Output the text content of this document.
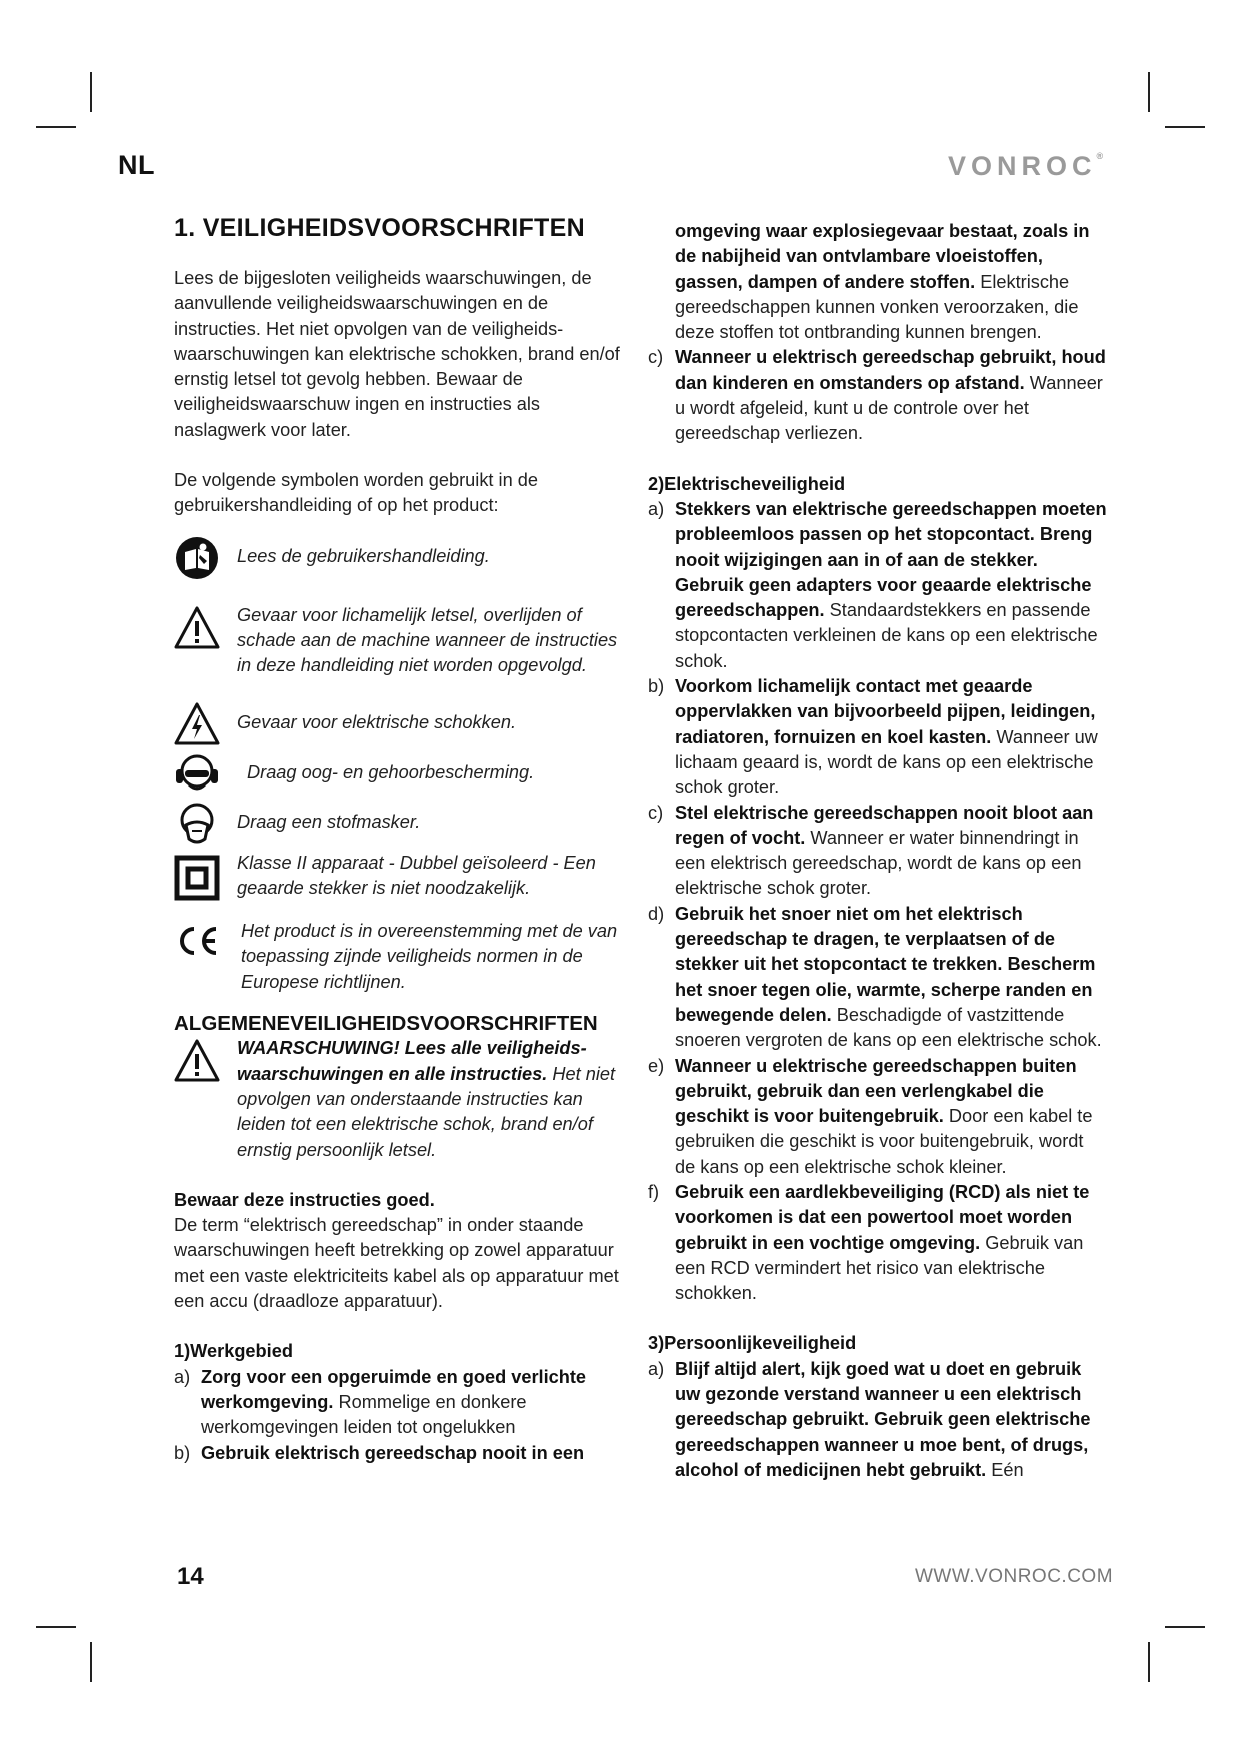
NL	VONROC®
1. VEILIGHEIDSVOORSCHRIFTEN

Lees de bijgesloten veiligheids waarschuwingen, de aanvullende veiligheidswaarschuwingen en de instructies. Het niet opvolgen van de veiligheids- waarschuwingen kan elektrische schokken, brand en/of ernstig letsel tot gevolg hebben. Bewaar de veiligheidswaarschuw ingen en instructies als naslagwerk voor later.

De volgende symbolen worden gebruikt in de gebruikershandleiding of op het product:

Lees de gebruikershandleiding.
Gevaar voor lichamelijk letsel, overlijden of schade aan de machine wanneer de instructies in deze handleiding niet worden opgevolgd.
Gevaar voor elektrische schokken.
Draag oog- en gehoorbescherming.
Draag een stofmasker.
Klasse II apparaat - Dubbel geïsoleerd - Een geaarde stekker is niet noodzakelijk.
Het product is in overeenstemming met de van toepassing zijnde veiligheids normen in de Europese richtlijnen.
ALGEMENEVEILIGHEIDSVOORSCHRIFTEN
WAARSCHUWING! Lees alle veiligheids- waarschuwingen en alle instructies. Het niet opvolgen van onderstaande instructies kan leiden tot een elektrische schok, brand en/of ernstig persoonlijk letsel.

Bewaar deze instructies goed.

De term “elektrisch gereedschap” in onder staande waarschuwingen heeft betrekking op zowel apparatuur met een vaste elektriciteits kabel als op apparatuur met een accu (draadloze apparatuur).

1)Werkgebied

a) Zorg voor een opgeruimde en goed verlichte werkomgeving. Rommelige en donkere werkomgevingen leiden tot ongelukken
b) Gebruik elektrisch gereedschap nooit in een
omgeving waar explosiegevaar bestaat, zoals in de nabijheid van ontvlambare vloeistoffen, gassen, dampen of andere stoffen. Elektrische gereedschappen kunnen vonken veroorzaken, die deze stoffen tot ontbranding kunnen brengen.
c) Wanneer u elektrisch gereedschap gebruikt, houd dan kinderen en omstanders op afstand. Wanneer u wordt afgeleid, kunt u de controle over het gereedschap verliezen.

2)Elektrischeveiligheid

a) Stekkers van elektrische gereedschappen moeten probleemloos passen op het stopcontact. Breng nooit wijzigingen aan in of aan de stekker. Gebruik geen adapters voor geaarde elektrische gereedschappen. Standaardstekkers en passende stopcontacten verkleinen de kans op een elektrische schok.
b) Voorkom lichamelijk contact met geaarde oppervlakken van bijvoorbeeld pijpen, leidingen, radiatoren, fornuizen en koel kasten. Wanneer uw lichaam geaard is, wordt de kans op een elektrische schok groter.
c) Stel elektrische gereedschappen nooit bloot aan regen of vocht. Wanneer er water binnendringt in een elektrisch gereedschap, wordt de kans op een elektrische schok groter.
d) Gebruik het snoer niet om het elektrisch gereedschap te dragen, te verplaatsen of de stekker uit het stopcontact te trekken. Bescherm het snoer tegen olie, warmte, scherpe randen en bewegende delen. Beschadigde of vastzittende snoeren vergroten de kans op een elektrische schok.
e) Wanneer u elektrische gereedschappen buiten gebruikt, gebruik dan een verlengkabel die geschikt is voor buitengebruik. Door een kabel te gebruiken die geschikt is voor buitengebruik, wordt de kans op een elektrische schok kleiner.
f) Gebruik een aardlekbeveiliging (RCD) als niet te voorkomen is dat een powertool moet worden gebruikt in een vochtige omgeving. Gebruik van een RCD vermindert het risico van elektrische schokken.

3)Persoonlijkeveiligheid

a) Blijf altijd alert, kijk goed wat u doet en gebruik uw gezonde verstand wanneer u een elektrisch gereedschap gebruikt. Gebruik geen elektrische gereedschappen wanneer u moe bent, of drugs, alcohol of medicijnen hebt gebruikt. Eén
14	WWW.VONROC.COM
